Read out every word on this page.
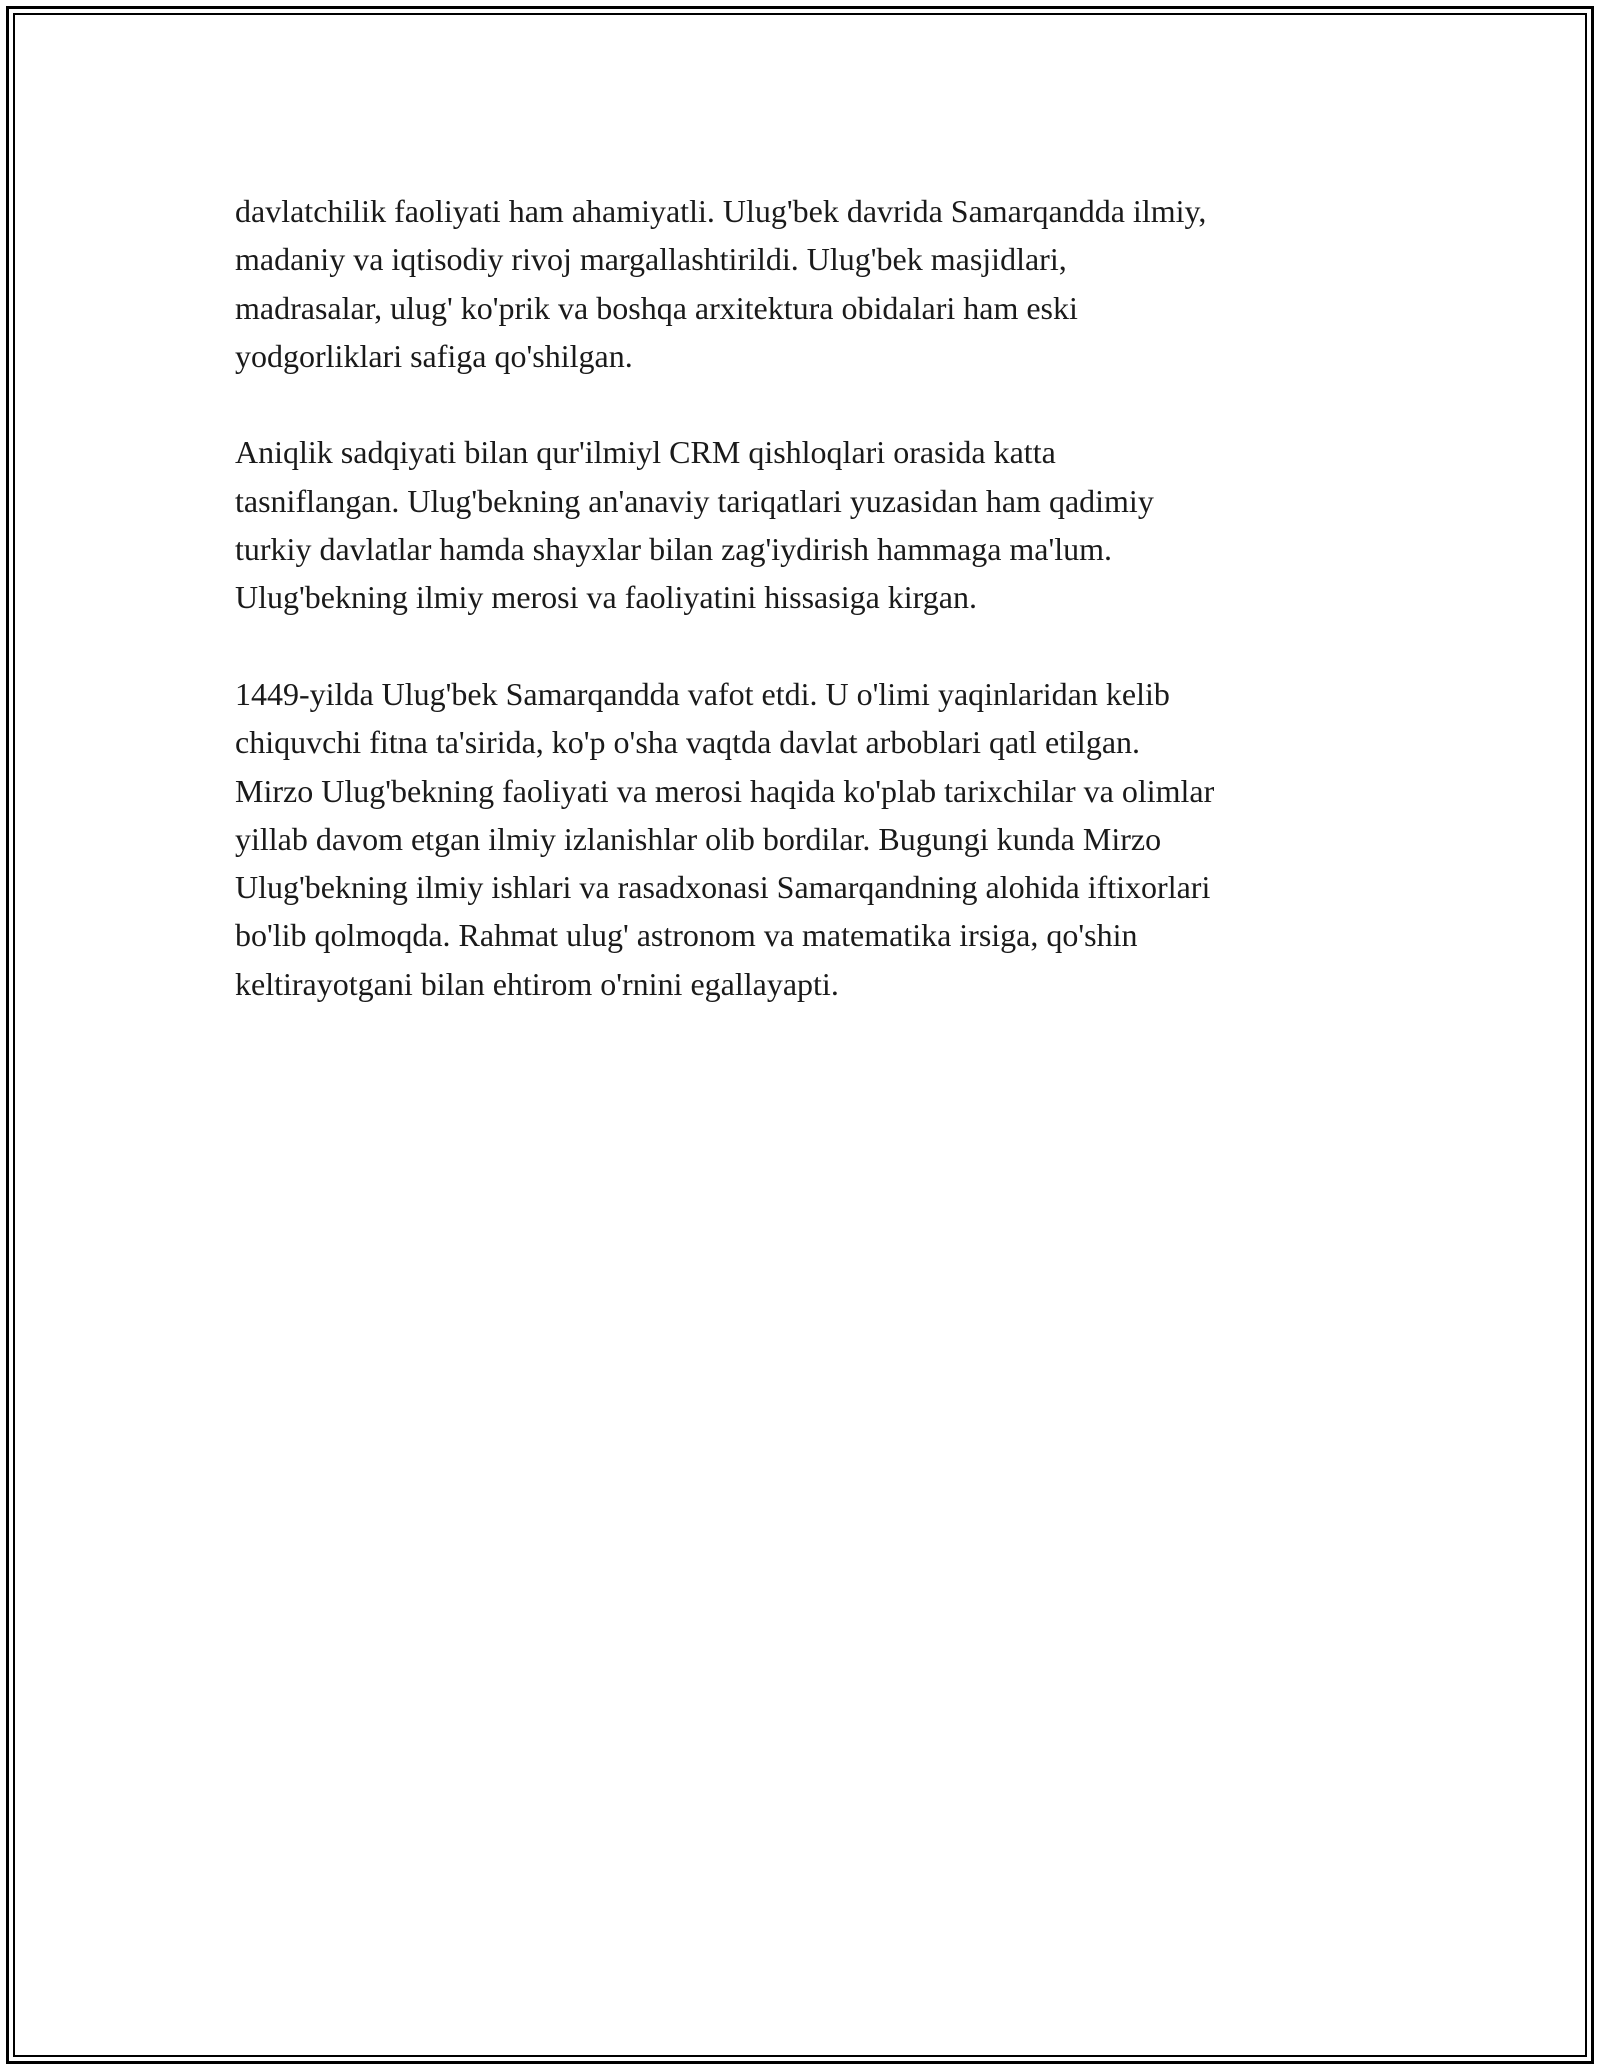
davlatchilik faoliyati ham ahamiyatli. Ulug'bek davrida Samarqandda ilmiy,
madaniy va iqtisodiy rivoj margallashtirildi. Ulug'bek masjidlari,
madrasalar, ulug' ko'prik va boshqa arxitektura obidalari ham eski
yodgorliklari safiga qo'shilgan.

Aniqlik sadqiyati bilan qur'ilmiyl CRM qishloqlari orasida katta
tasniflangan. Ulug'bekning an'anaviy tariqatlari yuzasidan ham qadimiy
turkiy davlatlar hamda shayxlar bilan zag'iydirish hammaga ma'lum.
Ulug'bekning ilmiy merosi va faoliyatini hissasiga kirgan.

1449-yilda Ulug'bek Samarqandda vafot etdi. U o'limi yaqinlaridan kelib
chiquvchi fitna ta'sirida, ko'p o'sha vaqtda davlat arboblari qatl etilgan.
Mirzo Ulug'bekning faoliyati va merosi haqida ko'plab tarixchilar va olimlar
yillab davom etgan ilmiy izlanishlar olib bordilar. Bugungi kunda Mirzo
Ulug'bekning ilmiy ishlari va rasadxonasi Samarqandning alohida iftixorlari
bo'lib qolmoqda. Rahmat ulug' astronom va matematika irsiga, qo'shin
keltirayotgani bilan ehtirom o'rnini egallayapti.
